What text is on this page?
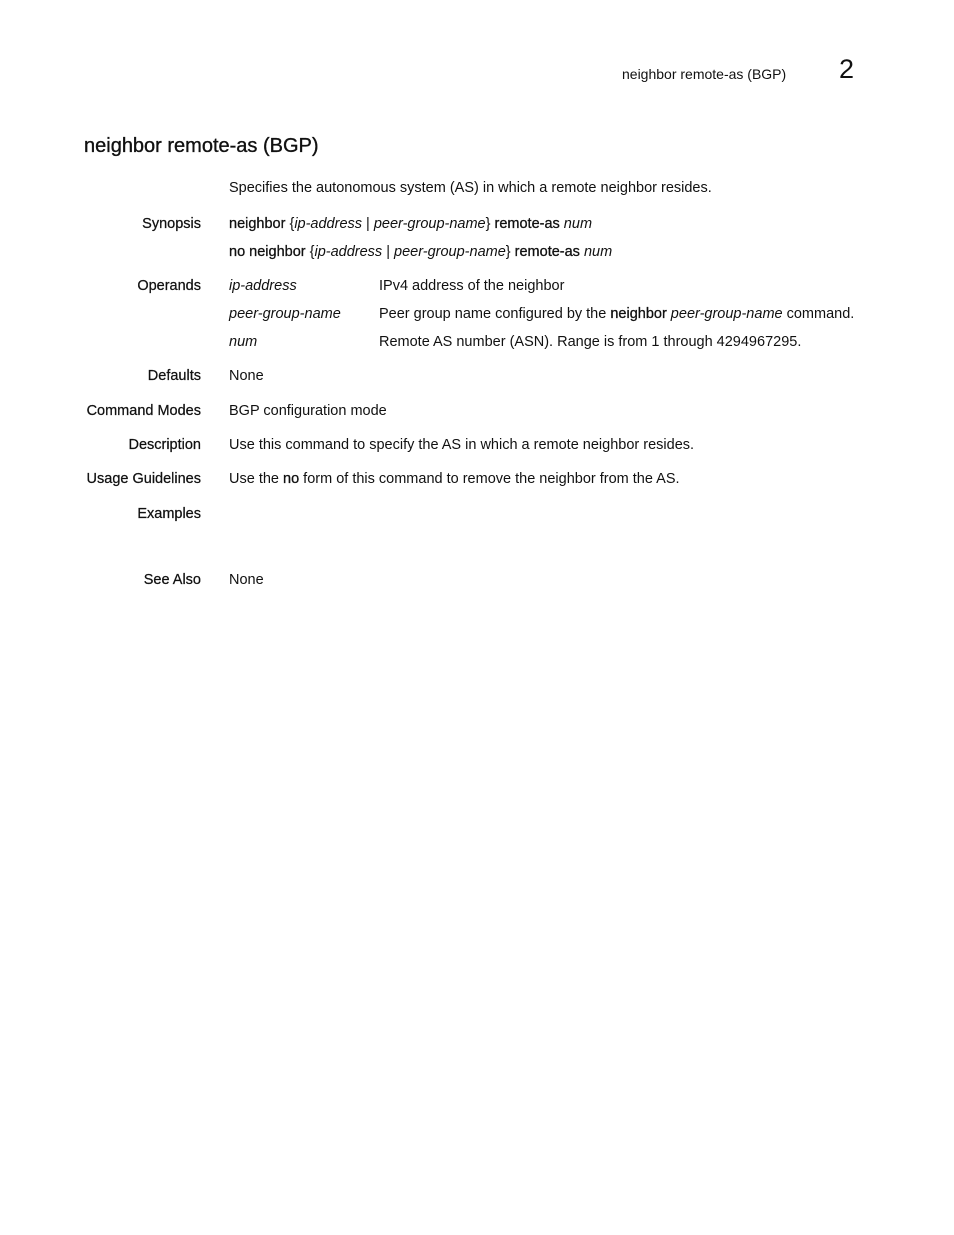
neighbor remote-as (BGP) 2
neighbor remote-as (BGP)
Specifies the autonomous system (AS) in which a remote neighbor resides.
Synopsis neighbor {ip-address | peer-group-name} remote-as num
no neighbor {ip-address | peer-group-name} remote-as num
Operands ip-address	IPv4 address of the neighbor
peer-group-name	Peer group name configured by the neighbor peer-group-name command.
num	Remote AS number (ASN). Range is from 1 through 4294967295.
Defaults None
Command Modes BGP configuration mode
Description Use this command to specify the AS in which a remote neighbor resides.
Usage Guidelines Use the no form of this command to remove the neighbor from the AS.
Examples
See Also None
